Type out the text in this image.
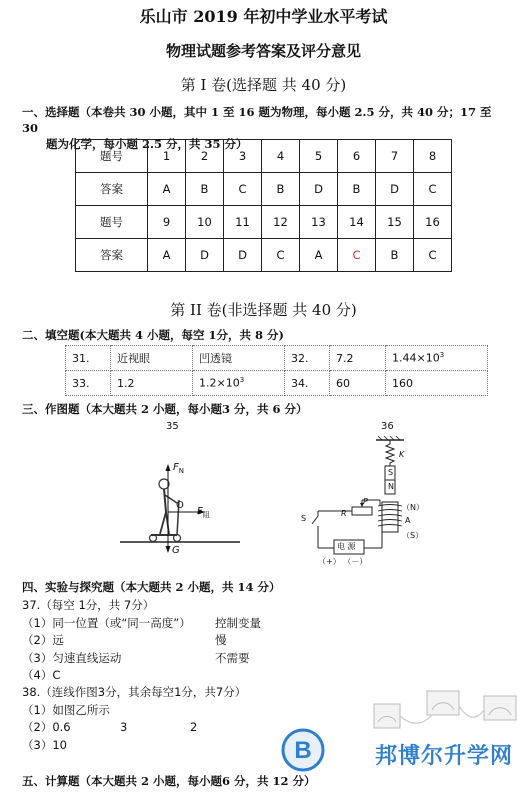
乐山市 2019 年初中学业水平考试
物理试题参考答案及评分意见
第 I 卷(选择题 共 40 分)
一、选择题（本卷共 30 小题，其中 1 至 16 题为物理，每小题 2.5 分，共 40 分；17 至 30
题为化学，每小题 2.5 分，共 35 分）
题号	1	2	3	4	5	6	7	8
答案	A	B	C	B	D	B	D	C
题号	9	10	11	12	13	14	15	16
答案	A	D	D	C	A	C	B	C
第 II 卷(非选择题 共 40 分)
二、填空题(本大题共 4 小题，每空 1分，共 8 分)
31.	近视眼	凹透镜	32.	7.2	$1.44\times 10^3$
33.	1.2	$1.2\times 10^3$	34.	60	160
三、作图题（本大题共 2 小题，每小题3 分，共 6 分）
35
$F_N$
O
$F_阻$
G
36
K
S
N
P
R
S
（N）
A
（S）
电 源
（+） （－）
四、实验与探究题（本大题共 2 小题，共 14 分）
37.（每空 1分，共 7分）
（1）同一位置（或“同一高度”） 控制变量
（2）远	慢
（3）匀速直线运动	不需要
（4）C
38.（连线作图3分，其余每空1分，共7分）
（1）如图乙所示
（2）0.6	3	2
（3）10
五、计算题（本大题共 2 小题，每小题6 分，共 12 分）
B	邦博尔升学网
